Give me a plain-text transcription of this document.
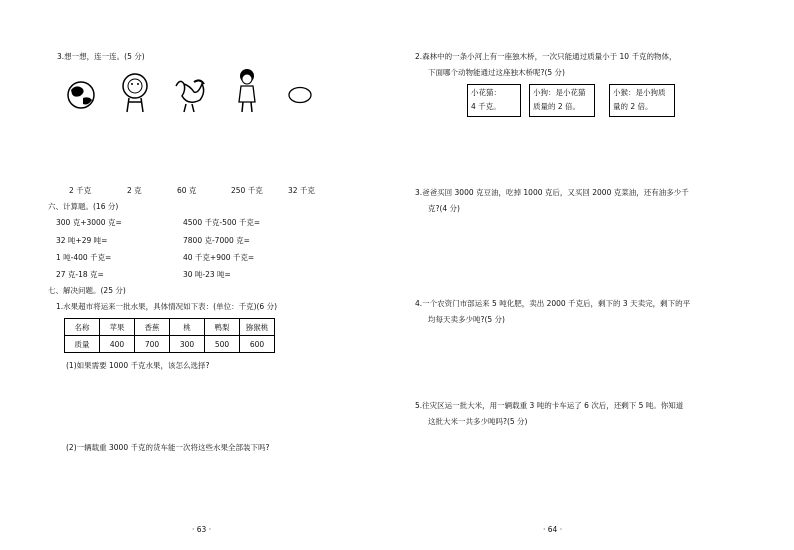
3.想一想，连一连。(5 分)
2 千克	2 克	60 克	250 千克	32 千克
六、计算题。(16 分)
300 克+3000 克=	4500 千克-500 千克=
32 吨+29 吨=	7800 克-7000 克=
1 吨-400 千克=	40 千克+900 千克=
27 克-18 克=	30 吨-23 吨=
七、解决问题。(25 分)
1.水果超市将运来一批水果，具体情况如下表：(单位：千克)(6 分)
名称	苹果	香蕉	桃	鸭梨	猕猴桃
质量	400	700	300	500	600
(1)如果需要 1000 千克水果，该怎么选择?
(2)一辆载重 3000 千克的货车能一次将这些水果全部装下吗?
· 63 ·
2.森林中的一条小河上有一座独木桥，一次只能通过质量小于 10 千克的物体，
下面哪个动物能通过这座独木桥呢?(5 分)
小花猫：
4 千克。
小狗：是小花猫
质量的 2 倍。
小猴：是小狗质
量的 2 倍。
3.爸爸买回 3000 克豆油，吃掉 1000 克后，又买回 2000 克菜油，还有油多少千
克?(4 分)
4.一个农资门市部运来 5 吨化肥，卖出 2000 千克后，剩下的 3 天卖完，剩下的平
均每天卖多少吨?(5 分)
5.往灾区运一批大米，用一辆载重 3 吨的卡车运了 6 次后，还剩下 5 吨。你知道
这批大米一共多少吨吗?(5 分)
· 64 ·
